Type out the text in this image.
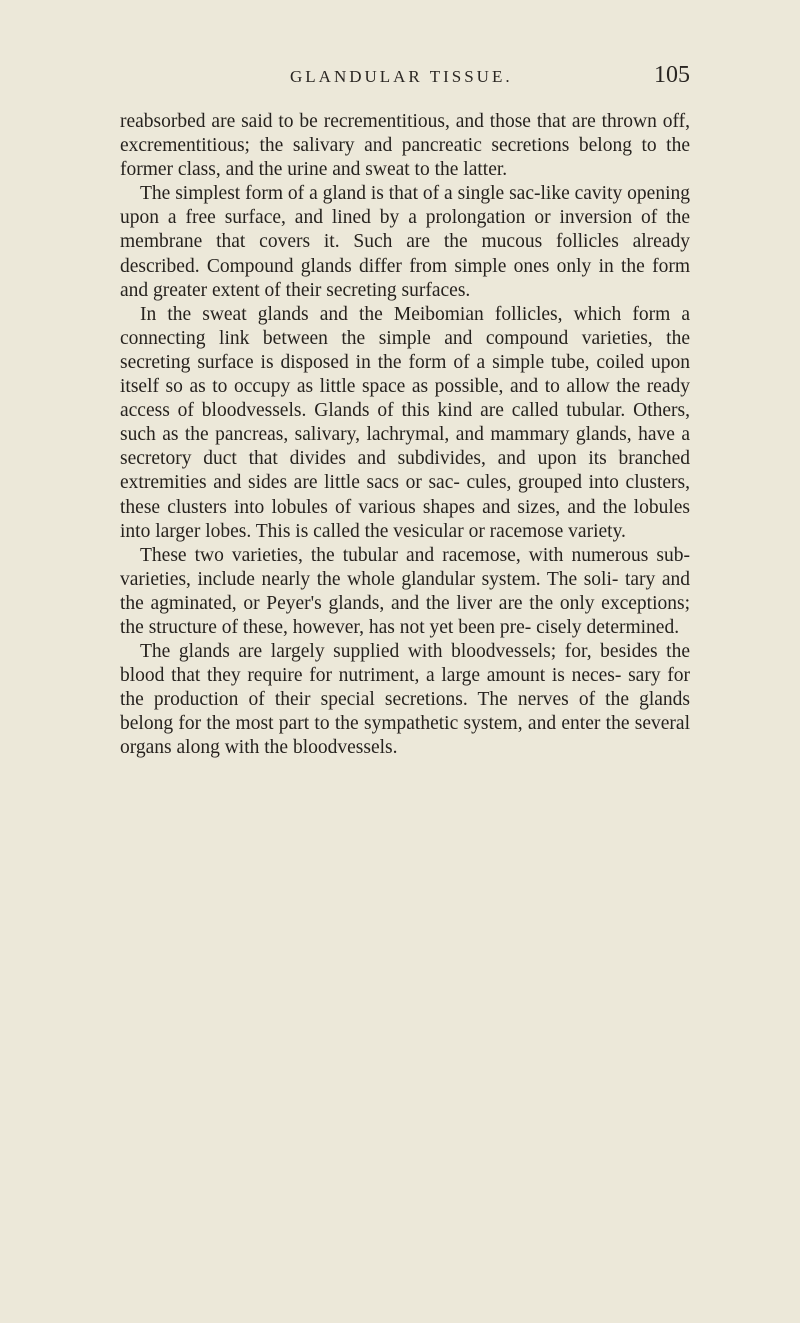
GLANDULAR TISSUE.	105

reabsorbed are said to be recrementitious, and those that are thrown off, excrementitious; the salivary and pancreatic secretions belong to the former class, and the urine and sweat to the latter.

The simplest form of a gland is that of a single sac-like cavity opening upon a free surface, and lined by a prolongation or inversion of the membrane that covers it. Such are the mucous follicles already described. Compound glands differ from simple ones only in the form and greater extent of their secreting surfaces.

In the sweat glands and the Meibomian follicles, which form a connecting link between the simple and compound varieties, the secreting surface is disposed in the form of a simple tube, coiled upon itself so as to occupy as little space as possible, and to allow the ready access of bloodvessels. Glands of this kind are called tubular. Others, such as the pancreas, salivary, lachrymal, and mammary glands, have a secretory duct that divides and subdivides, and upon its branched extremities and sides are little sacs or sac- cules, grouped into clusters, these clusters into lobules of various shapes and sizes, and the lobules into larger lobes. This is called the vesicular or racemose variety.

These two varieties, the tubular and racemose, with numerous sub-varieties, include nearly the whole glandular system. The soli- tary and the agminated, or Peyer's glands, and the liver are the only exceptions; the structure of these, however, has not yet been pre- cisely determined.

The glands are largely supplied with bloodvessels; for, besides the blood that they require for nutriment, a large amount is neces- sary for the production of their special secretions. The nerves of the glands belong for the most part to the sympathetic system, and enter the several organs along with the bloodvessels.
